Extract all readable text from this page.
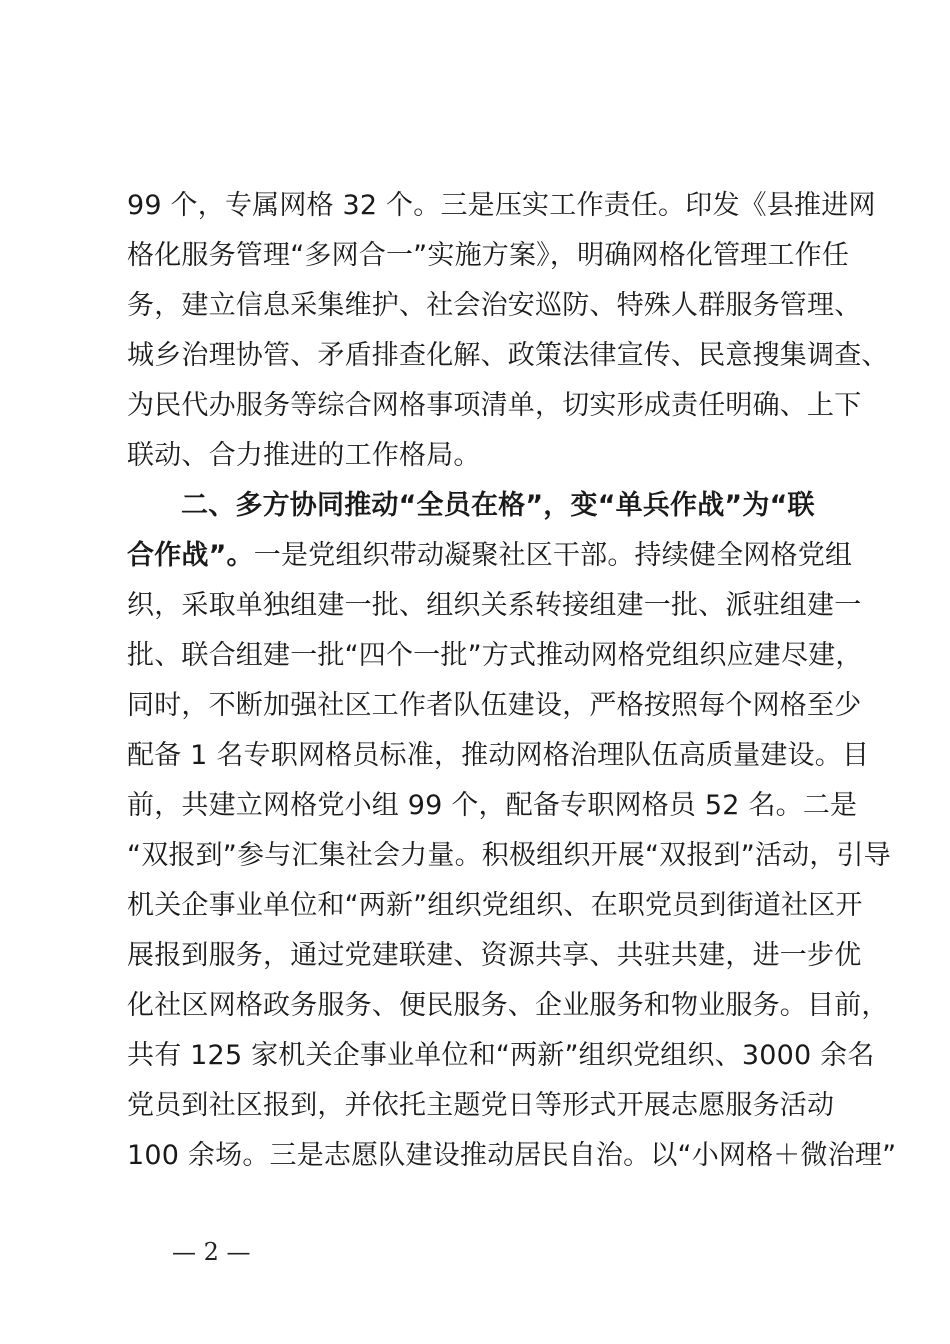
99 个，专属网格 32 个。三是压实工作责任。印发《县推进网
格化服务管理“多网合一”实施方案》，明确网格化管理工作任
务，建立信息采集维护、社会治安巡防、特殊人群服务管理、
城乡治理协管、矛盾排查化解、政策法律宣传、民意搜集调查、
为民代办服务等综合网格事项清单，切实形成责任明确、上下
联动、合力推进的工作格局。
二、多方协同推动“全员在格”，变“单兵作战”为“联
合作战”。一是党组织带动凝聚社区干部。持续健全网格党组
织，采取单独组建一批、组织关系转接组建一批、派驻组建一
批、联合组建一批“四个一批”方式推动网格党组织应建尽建，
同时，不断加强社区工作者队伍建设，严格按照每个网格至少
配备 1 名专职网格员标准，推动网格治理队伍高质量建设。目
前，共建立网格党小组 99 个，配备专职网格员 52 名。二是
“双报到”参与汇集社会力量。积极组织开展“双报到”活动，引导
机关企事业单位和“两新”组织党组织、在职党员到街道社区开
展报到服务，通过党建联建、资源共享、共驻共建，进一步优
化社区网格政务服务、便民服务、企业服务和物业服务。目前，
共有 125 家机关企事业单位和“两新”组织党组织、3000 余名
党员到社区报到，并依托主题党日等形式开展志愿服务活动
100 余场。三是志愿队建设推动居民自治。以“小网格＋微治理”
— 2 —
